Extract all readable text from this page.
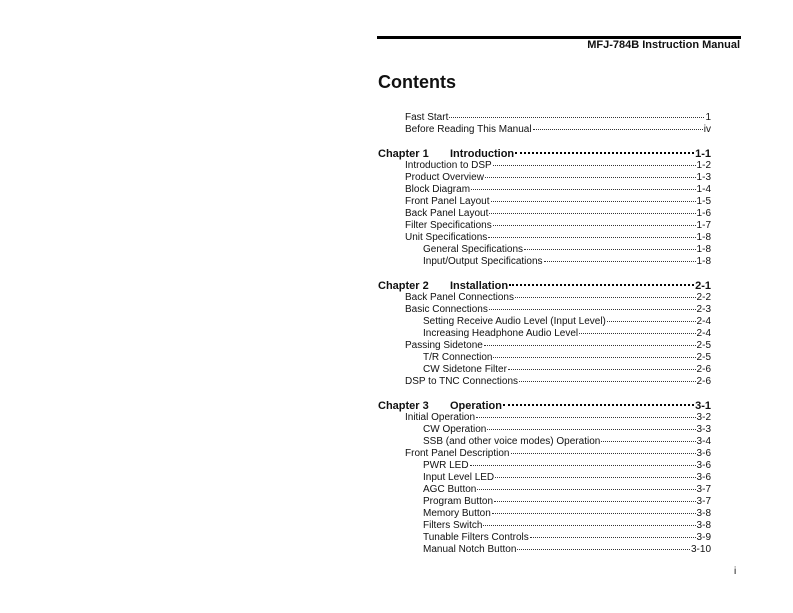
MFJ-784B Instruction Manual
Contents
Fast Start	1
Before Reading This Manual	iv
Chapter 1 Introduction	1-1
Introduction to DSP	1-2
Product Overview	1-3
Block Diagram	1-4
Front Panel Layout	1-5
Back Panel Layout	1-6
Filter Specifications	1-7
Unit Specifications	1-8
General Specifications	1-8
Input/Output Specifications	1-8
Chapter 2 Installation	2-1
Back Panel Connections	2-2
Basic Connections	2-3
Setting Receive Audio Level (Input Level)	2-4
Increasing Headphone Audio Level	2-4
Passing Sidetone	2-5
T/R Connection	2-5
CW Sidetone Filter	2-6
DSP to TNC Connections	2-6
Chapter 3 Operation	3-1
Initial Operation	3-2
CW Operation	3-3
SSB (and other voice modes) Operation	3-4
Front Panel Description	3-6
PWR LED	3-6
Input Level LED	3-6
AGC Button	3-7
Program Button	3-7
Memory Button	3-8
Filters Switch	3-8
Tunable Filters Controls	3-9
Manual Notch Button	3-10
i
